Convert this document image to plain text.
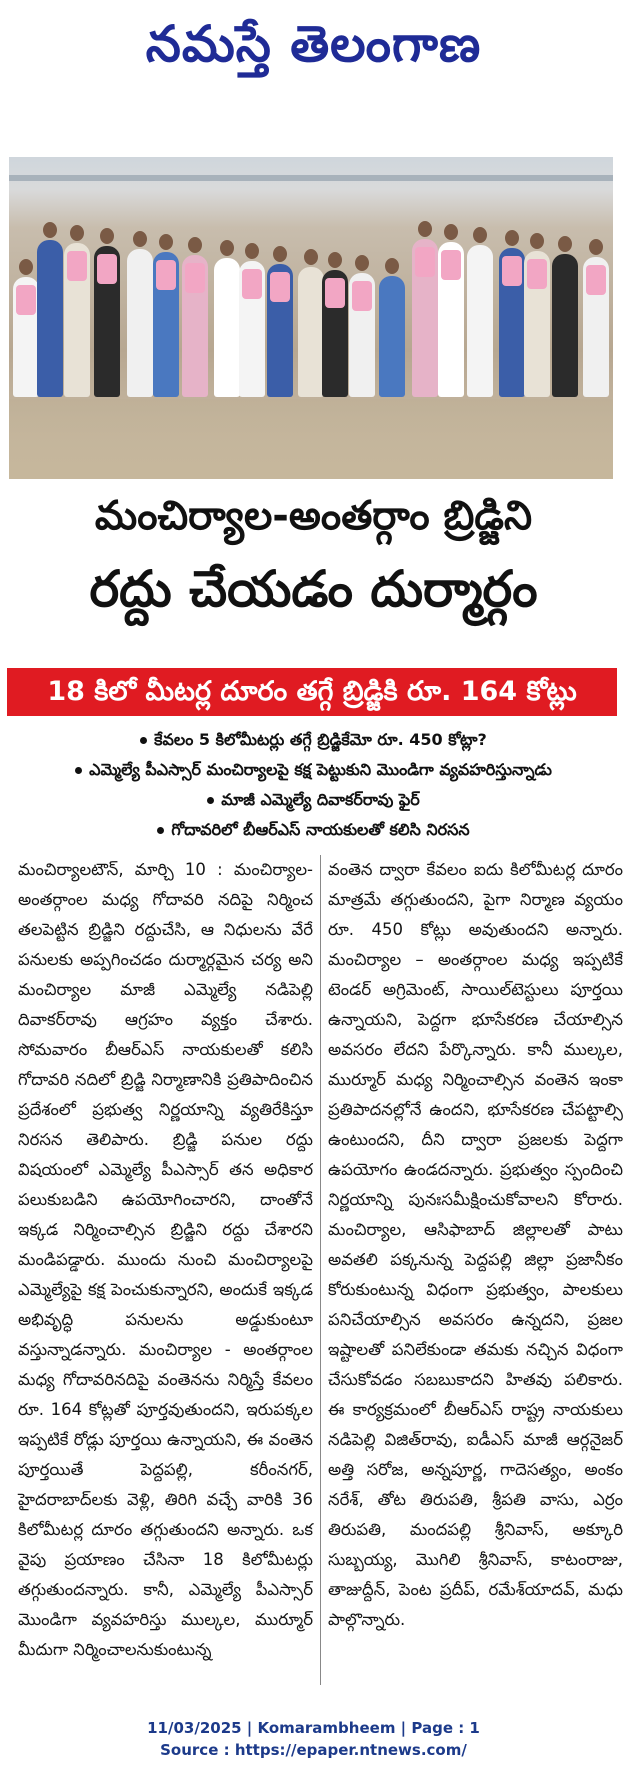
నమస్తే తెలంగాణ
మంచిర్యాల-అంతర్గాం బ్రిడ్జిని
రద్దు చేయడం దుర్మార్గం
18 కిలో మీటర్ల దూరం తగ్గే బ్రిడ్జికి రూ. 164 కోట్లు
కేవలం 5 కిలోమీటర్లు తగ్గే బ్రిడ్జికేమో రూ. 450 కోట్లా?
ఎమ్మెల్యే పీఎస్సార్ మంచిర్యాలపై కక్ష పెట్టుకుని మొండిగా వ్యవహరిస్తున్నాడు
మాజీ ఎమ్మెల్యే దివాకర్‌రావు ఫైర్
గోదావరిలో బీఆర్ఎస్ నాయకులతో కలిసి నిరసన
మంచిర్యాలటౌన్, మార్చి 10 : మంచిర్యాల-అంతర్గాంల మధ్య గోదావరి నదిపై నిర్మించ తలపెట్టిన బ్రిడ్జిని రద్దుచేసి, ఆ నిధులను వేరే పనులకు అప్పగించడం దుర్మార్గమైన చర్య అని మంచిర్యాల మాజీ ఎమ్మెల్యే నడిపెల్లి దివాకర్‌రావు ఆగ్రహం వ్యక్తం చేశారు. సోమవారం బీఆర్ఎస్ నాయకులతో కలిసి గోదావరి నదిలో బ్రిడ్జి నిర్మాణానికి ప్రతిపాదించిన ప్రదేశంలో ప్రభుత్వ నిర్ణయాన్ని వ్యతిరేకిస్తూ నిరసన తెలిపారు. బ్రిడ్జి పనుల రద్దు విషయంలో ఎమ్మెల్యే పీఎస్సార్ తన అధికార పలుకుబడిని ఉపయోగించారని, దాంతోనే ఇక్కడ నిర్మించాల్సిన బ్రిడ్జిని రద్దు చేశారని మండిపడ్డారు. ముందు నుంచి మంచిర్యాలపై ఎమ్మెల్యేపై కక్ష పెంచుకున్నారని, అందుకే ఇక్కడ అభివృద్ధి పనులను అడ్డుకుంటూ వస్తున్నాడన్నారు. మంచిర్యాల - అంతర్గాంల మధ్య గోదావరినదిపై వంతెనను నిర్మిస్తే కేవలం రూ. 164 కోట్లతో పూర్తవుతుందని, ఇరుపక్కల ఇప్పటికే రోడ్లు పూర్తయి ఉన్నాయని, ఈ వంతెన పూర్తయితే పెద్దపల్లి, కరీంనగర్, హైదరాబాద్‌లకు వెళ్లి, తిరిగి వచ్చే వారికి 36 కిలోమీటర్ల దూరం తగ్గుతుందని అన్నారు. ఒక వైపు ప్రయాణం చేసినా 18 కిలోమీటర్లు తగ్గుతుందన్నారు. కానీ, ఎమ్మెల్యే పీఎస్సార్ మొండిగా వ్యవహరిస్తు ముల్కల, ముర్మూర్ మీదుగా నిర్మించాలనుకుంటున్న
వంతెన ద్వారా కేవలం ఐదు కిలోమీటర్ల దూరం మాత్రమే తగ్గుతుందని, పైగా నిర్మాణ వ్యయం రూ. 450 కోట్లు అవుతుందని అన్నారు. మంచిర్యాల – అంతర్గాంల మధ్య ఇప్పటికే టెండర్ అగ్రిమెంట్, సాయిల్‌టెస్టులు పూర్తయి ఉన్నాయని, పెద్దగా భూసేకరణ చేయాల్సిన అవసరం లేదని పేర్కొన్నారు. కానీ ముల్కల, ముర్మూర్ మధ్య నిర్మించాల్సిన వంతెన ఇంకా ప్రతిపాదనల్లోనే ఉందని, భూసేకరణ చేపట్టాల్సి ఉంటుందని, దీని ద్వారా ప్రజలకు పెద్దగా ఉపయోగం ఉండదన్నారు. ప్రభుత్వం స్పందించి నిర్ణయాన్ని పునఃసమీక్షించుకోవాలని కోరారు. మంచిర్యాల, ఆసిఫాబాద్ జిల్లాలతో పాటు అవతలి పక్కనున్న పెద్దపల్లి జిల్లా ప్రజానీకం కోరుకుంటున్న విధంగా ప్రభుత్వం, పాలకులు పనిచేయాల్సిన అవసరం ఉన్నదని, ప్రజల ఇష్టాలతో పనిలేకుండా తమకు నచ్చిన విధంగా చేసుకోవడం సబబుకాదని హితవు పలికారు. ఈ కార్యక్రమంలో బీఆర్ఎస్ రాష్ట్ర నాయకులు నడిపెల్లి విజిత్‌రావు, ఐడీఎస్ మాజీ ఆర్గనైజర్ అత్తి సరోజ, అన్నపూర్ణ, గాదెసత్యం, అంకం నరేశ్, తోట తిరుపతి, శ్రీపతి వాసు, ఎర్రం తిరుపతి, మందపల్లి శ్రీనివాస్, అక్కూరి సుబ్బయ్య, మొగిలి శ్రీనివాస్, కాటంరాజు, తాజుద్దీన్, పెంట ప్రదీప్, రమేశ్‌యాదవ్, మధు పాల్గొన్నారు.
11/03/2025 | Komarambheem | Page : 1
Source : https://epaper.ntnews.com/
